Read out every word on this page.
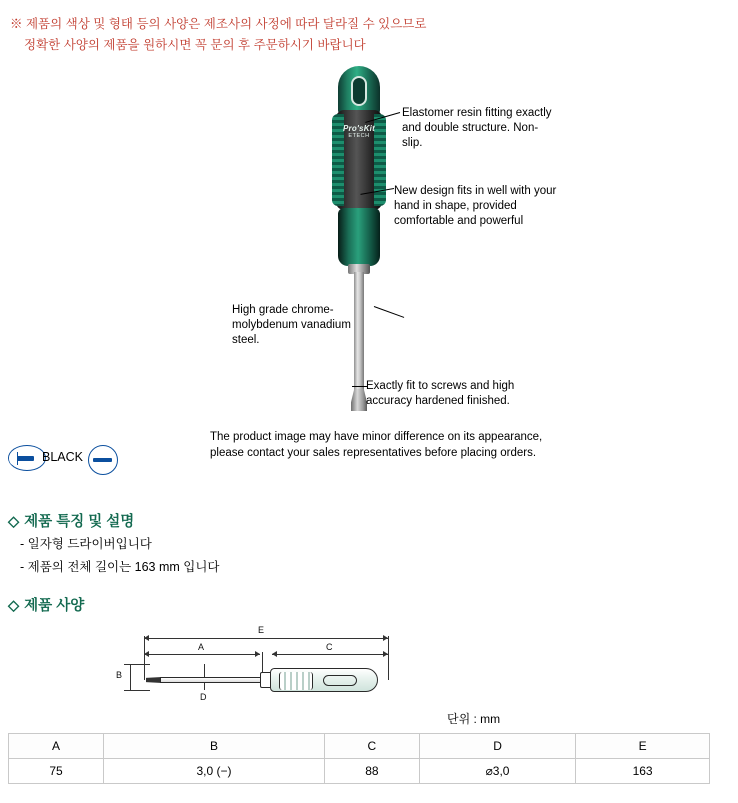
※ 제품의 색상 및 형태 등의 사양은 제조사의 사정에 따라 달라질 수 있으므로
정확한 사양의 제품을 원하시면 꼭 문의 후 주문하시기 바랍니다
Pro'sKit
ETECH
Elastomer resin fitting exactly and double structure. Non-slip.
New design fits in well with your hand in shape, provided comfortable and powerful
High grade chrome-molybdenum vanadium steel.
Exactly fit to screws and high accuracy hardened finished.
The product image may have minor difference on its appearance, please contact your sales representatives before placing orders.
BLACK
◇ 제품 특징 및 설명
- 일자형 드라이버입니다
- 제품의 전체 길이는 163 mm 입니다
◇ 제품 사양
E
A	C
B
D
단위 : mm
A	B	C	D	E
75	3,0 (−)	88	⌀3,0	163
